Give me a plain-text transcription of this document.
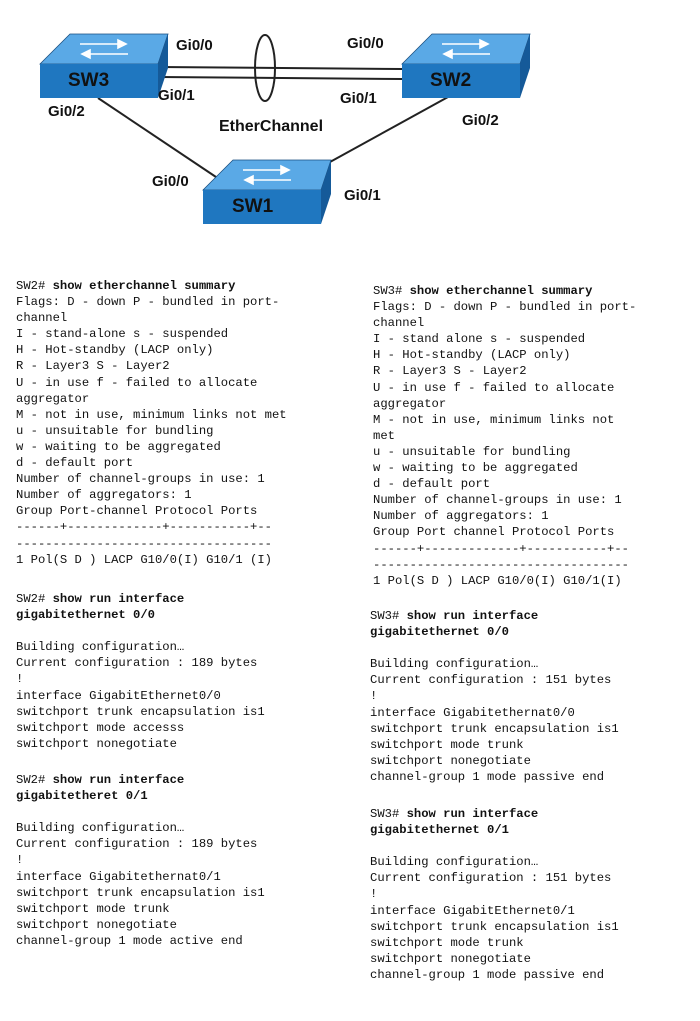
SW3	SW2
SW1
Gi0/0
Gi0/1
Gi0/2
Gi0/0
Gi0/1
Gi0/2
Gi0/0
Gi0/1
EtherChannel
SW2# show etherchannel summary
Flags: D - down P - bundled in port-
channel
I - stand-alone s - suspended
H - Hot-standby (LACP only)
R - Layer3 S - Layer2
U - in use f - failed to allocate
aggregator
M - not in use, minimum links not met
u - unsuitable for bundling
w - waiting to be aggregated
d - default port
Number of channel-groups in use: 1
Number of aggregators: 1
Group Port-channel Protocol Ports
------+-------------+-----------+--
-----------------------------------
1 Pol(S D ) LACP G10/0(I) G10/1 (I)
SW2# show run interface
gigabitethernet 0/0
Building configuration…
Current configuration : 189 bytes
!
interface GigabitEthernet0/0
switchport trunk encapsulation is1
switchport mode accesss
switchport nonegotiate
SW2# show run interface
gigabitetheret 0/1
Building configuration…
Current configuration : 189 bytes
!
interface Gigabitethernat0/1
switchport trunk encapsulation is1
switchport mode trunk
switchport nonegotiate
channel-group 1 mode active end
SW3# show etherchannel summary
Flags: D - down P - bundled in port-
channel
I - stand alone s - suspended
H - Hot-standby (LACP only)
R - Layer3 S - Layer2
U - in use f - failed to allocate
aggregator
M - not in use, minimum links not
met
u - unsuitable for bundling
w - waiting to be aggregated
d - default port
Number of channel-groups in use: 1
Number of aggregators: 1
Group Port channel Protocol Ports
------+-------------+-----------+--
-----------------------------------
1 Pol(S D ) LACP G10/0(I) G10/1(I)
SW3# show run interface
gigabitethernet 0/0
Building configuration…
Current configuration : 151 bytes
!
interface Gigabitethernat0/0
switchport trunk encapsulation is1
switchport mode trunk
switchport nonegotiate
channel-group 1 mode passive end
SW3# show run interface
gigabitethernet 0/1
Building configuration…
Current configuration : 151 bytes
!
interface GigabitEthernet0/1
switchport trunk encapsulation is1
switchport mode trunk
switchport nonegotiate
channel-group 1 mode passive end
